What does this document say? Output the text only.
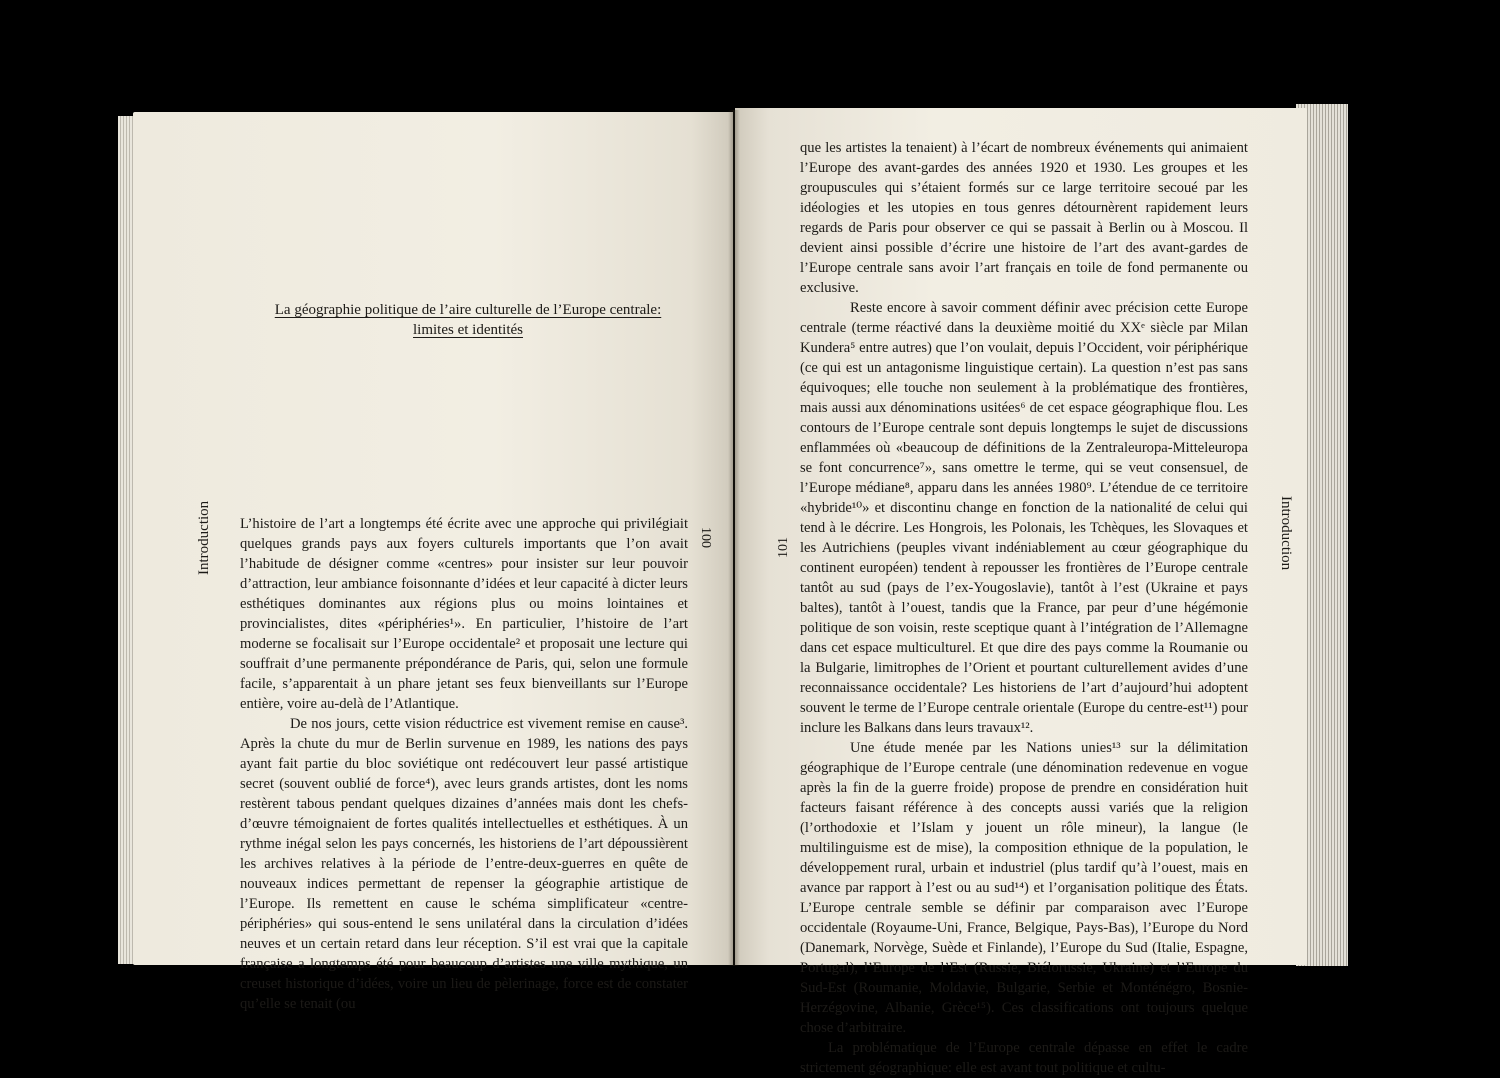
La géographie politique de l’aire culturelle de l’Europe centrale:
limites et identités
Introduction	100

L’histoire de l’art a longtemps été écrite avec une approche qui privilégiait quelques grands pays aux foyers culturels importants que l’on avait l’habitude de désigner comme «centres» pour insister sur leur pouvoir d’attraction, leur ambiance foisonnante d’idées et leur capacité à dicter leurs esthétiques dominantes aux régions plus ou moins lointaines et provincialistes, dites «périphéries¹». En particulier, l’histoire de l’art moderne se focalisait sur l’Europe occidentale² et proposait une lecture qui souffrait d’une permanente prépondérance de Paris, qui, selon une formule facile, s’apparentait à un phare jetant ses feux bienveillants sur l’Europe entière, voire au-delà de l’Atlantique.

De nos jours, cette vision réductrice est vivement remise en cause³. Après la chute du mur de Berlin survenue en 1989, les nations des pays ayant fait partie du bloc soviétique ont redécouvert leur passé artistique secret (souvent oublié de force⁴), avec leurs grands artistes, dont les noms restèrent tabous pendant quelques dizaines d’années mais dont les chefs-d’œuvre témoignaient de fortes qualités intellectuelles et esthétiques. À un rythme inégal selon les pays concernés, les historiens de l’art dépoussièrent les archives relatives à la période de l’entre-deux-guerres en quête de nouveaux indices permettant de repenser la géographie artistique de l’Europe. Ils remettent en cause le schéma simplificateur «centre-périphéries» qui sous-entend le sens unilatéral dans la circulation d’idées neuves et un certain retard dans leur réception. S’il est vrai que la capitale française a longtemps été pour beaucoup d’artistes une ville mythique, un creuset historique d’idées, voire un lieu de pèlerinage, force est de constater qu’elle se tenait (ou

101	Introduction

que les artistes la tenaient) à l’écart de nombreux événements qui animaient l’Europe des avant-gardes des années 1920 et 1930. Les groupes et les groupuscules qui s’étaient formés sur ce large territoire secoué par les idéologies et les utopies en tous genres détournèrent rapidement leurs regards de Paris pour observer ce qui se passait à Berlin ou à Moscou. Il devient ainsi possible d’écrire une histoire de l’art des avant-gardes de l’Europe centrale sans avoir l’art français en toile de fond permanente ou exclusive.

Reste encore à savoir comment définir avec précision cette Europe centrale (terme réactivé dans la deuxième moitié du XXᵉ siècle par Milan Kundera⁵ entre autres) que l’on voulait, depuis l’Occident, voir périphérique (ce qui est un antagonisme linguistique certain). La question n’est pas sans équivoques; elle touche non seulement à la problématique des frontières, mais aussi aux dénominations usitées⁶ de cet espace géographique flou. Les contours de l’Europe centrale sont depuis longtemps le sujet de discussions enflammées où «beaucoup de définitions de la Zentraleuropa-Mitteleuropa se font concurrence⁷», sans omettre le terme, qui se veut consensuel, de l’Europe médiane⁸, apparu dans les années 1980⁹. L’étendue de ce territoire «hybride¹⁰» et discontinu change en fonction de la nationalité de celui qui tend à le décrire. Les Hongrois, les Polonais, les Tchèques, les Slovaques et les Autrichiens (peuples vivant indéniablement au cœur géographique du continent européen) tendent à repousser les frontières de l’Europe centrale tantôt au sud (pays de l’ex-Yougoslavie), tantôt à l’est (Ukraine et pays baltes), tantôt à l’ouest, tandis que la France, par peur d’une hégémonie politique de son voisin, reste sceptique quant à l’intégration de l’Allemagne dans cet espace multiculturel. Et que dire des pays comme la Roumanie ou la Bulgarie, limitrophes de l’Orient et pourtant culturellement avides d’une reconnaissance occidentale? Les historiens de l’art d’aujourd’hui adoptent souvent le terme de l’Europe centrale orientale (Europe du centre-est¹¹) pour inclure les Balkans dans leurs travaux¹².

Une étude menée par les Nations unies¹³ sur la délimitation géographique de l’Europe centrale (une dénomination redevenue en vogue après la fin de la guerre froide) propose de prendre en considération huit facteurs faisant référence à des concepts aussi variés que la religion (l’orthodoxie et l’Islam y jouent un rôle mineur), la langue (le multilinguisme est de mise), la composition ethnique de la population, le développement rural, urbain et industriel (plus tardif qu’à l’ouest, mais en avance par rapport à l’est ou au sud¹⁴) et l’organisation politique des États. L’Europe centrale semble se définir par comparaison avec l’Europe occidentale (Royaume-Uni, France, Belgique, Pays-Bas), l’Europe du Nord (Danemark, Norvège, Suède et Finlande), l’Europe du Sud (Italie, Espagne, Portugal), l’Europe de l’Est (Russie, Biélorussie, Ukraine) et l’Europe du Sud-Est (Roumanie, Moldavie, Bulgarie, Serbie et Monténégro, Bosnie-Herzégovine, Albanie, Grèce¹⁵). Ces classifications ont toujours quelque chose d’arbitraire.

La problématique de l’Europe centrale dépasse en effet le cadre strictement géographique: elle est avant tout politique et cultu-
